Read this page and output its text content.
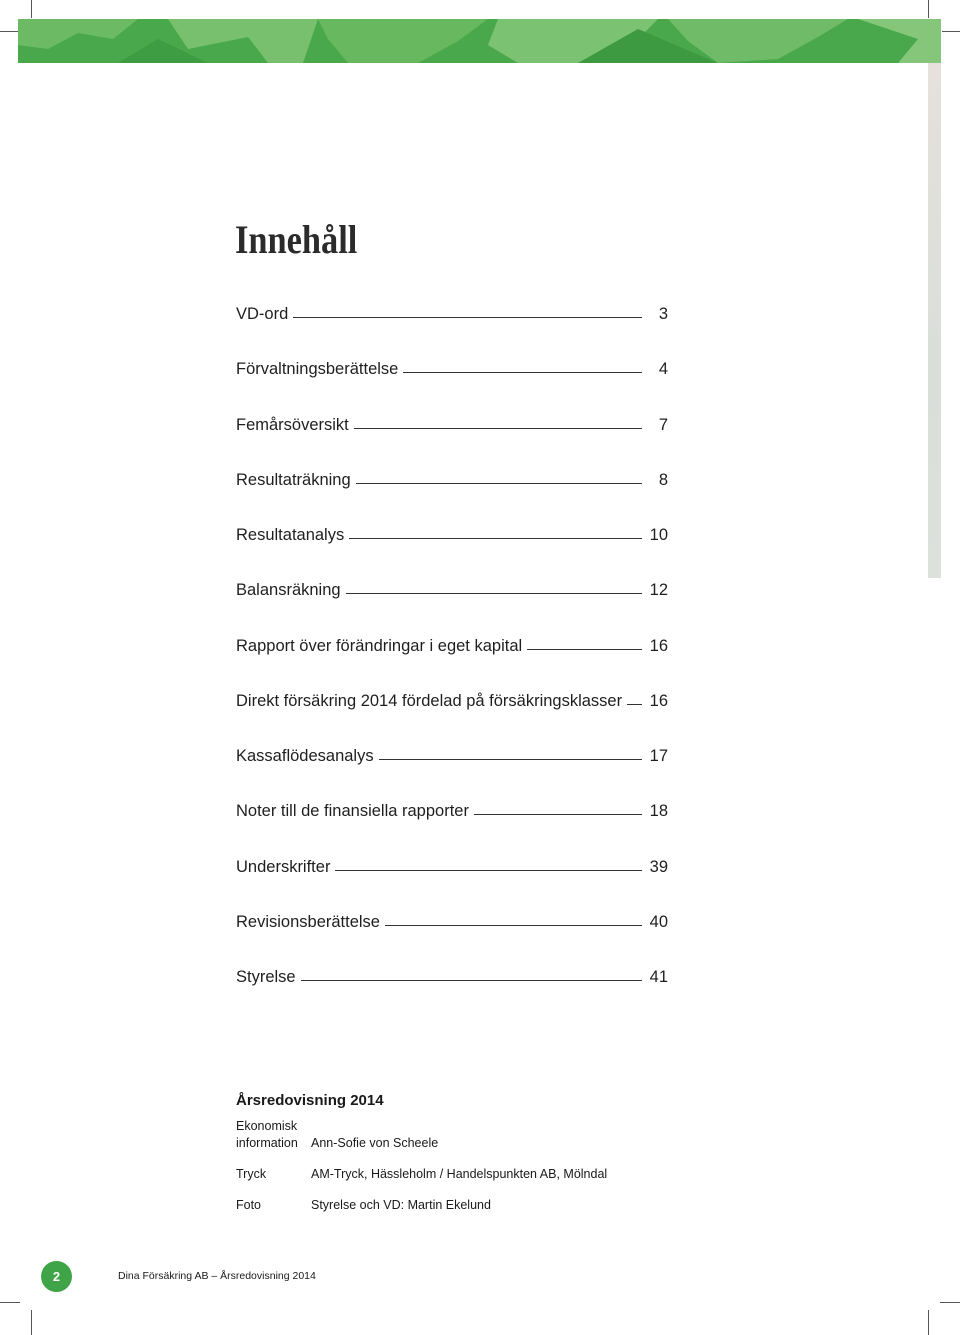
Innehåll
VD-ord	3
Förvaltningsberättelse	4
Femårsöversikt	7
Resultaträkning	8
Resultatanalys	10
Balansräkning	12
Rapport över förändringar i eget kapital	16
Direkt försäkring 2014 fördelad på försäkringsklasser 16
Kassaflödesanalys	17
Noter till de finansiella rapporter	18
Underskrifter	39
Revisionsberättelse	40
Styrelse	41
Årsredovisning 2014
Ekonomisk
information	Ann-Sofie von Scheele
Tryck	AM-Tryck, Hässleholm / Handelspunkten AB, Mölndal
Foto	Styrelse och VD: Martin Ekelund
2	Dina Försäkring AB – Årsredovisning 2014
